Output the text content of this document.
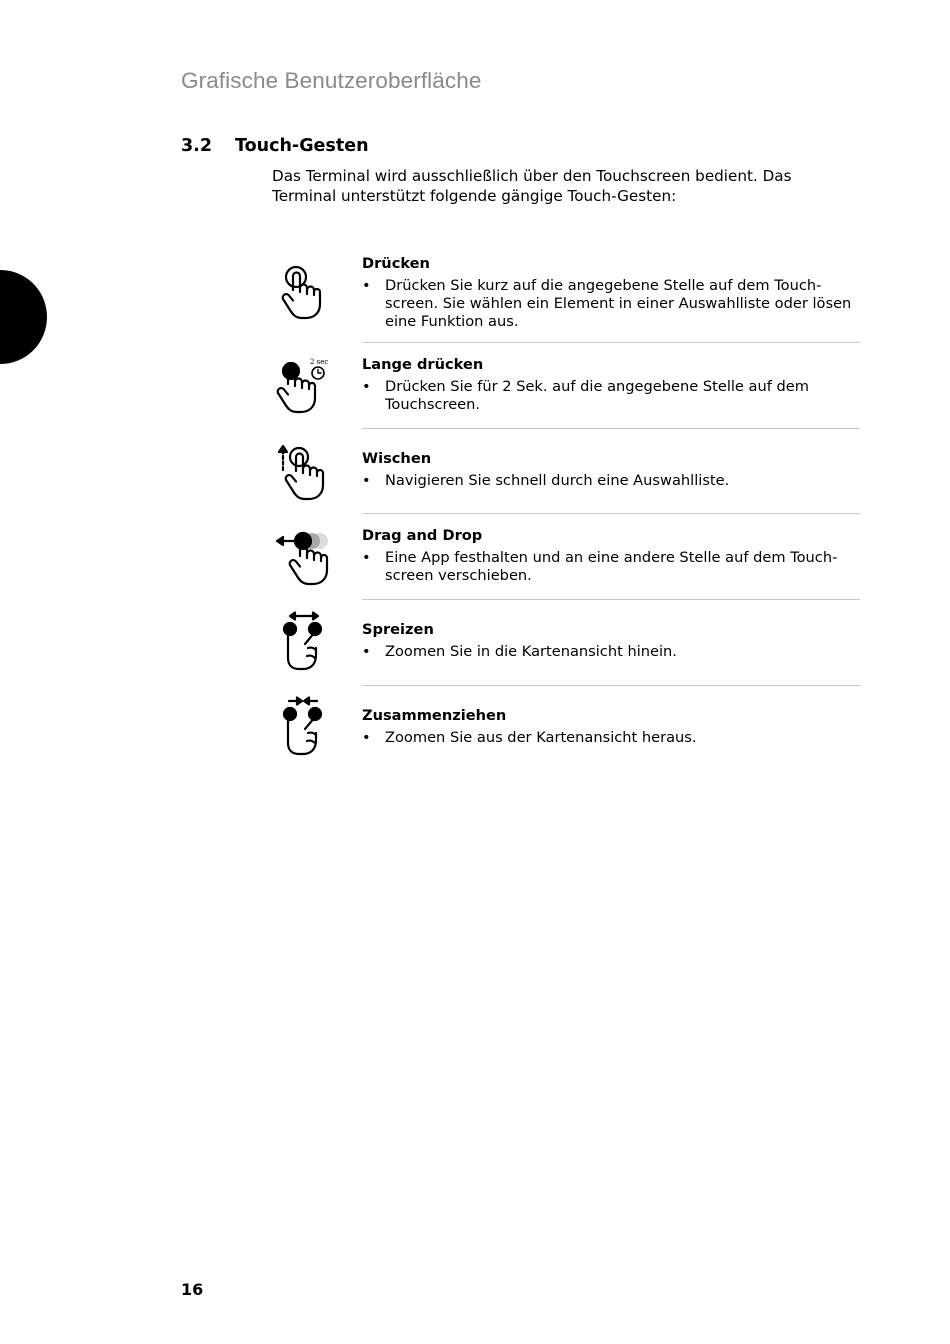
Grafische Benutzeroberfläche
3.2 Touch-Gesten
Das Terminal wird ausschließlich über den Touchscreen bedient. Das Terminal unterstützt folgende gängige Touch-Gesten:
2 sec
Drücken
• Drücken Sie kurz auf die angegebene Stelle auf dem Touch-screen. Sie wählen ein Element in einer Auswahlliste oder lösen eine Funktion aus.
Lange drücken
• Drücken Sie für 2 Sek. auf die angegebene Stelle auf dem Touchscreen.
Wischen
• Navigieren Sie schnell durch eine Auswahlliste.
Drag and Drop
• Eine App festhalten und an eine andere Stelle auf dem Touch-screen verschieben.
Spreizen
• Zoomen Sie in die Kartenansicht hinein.
Zusammenziehen
• Zoomen Sie aus der Kartenansicht heraus.
16
